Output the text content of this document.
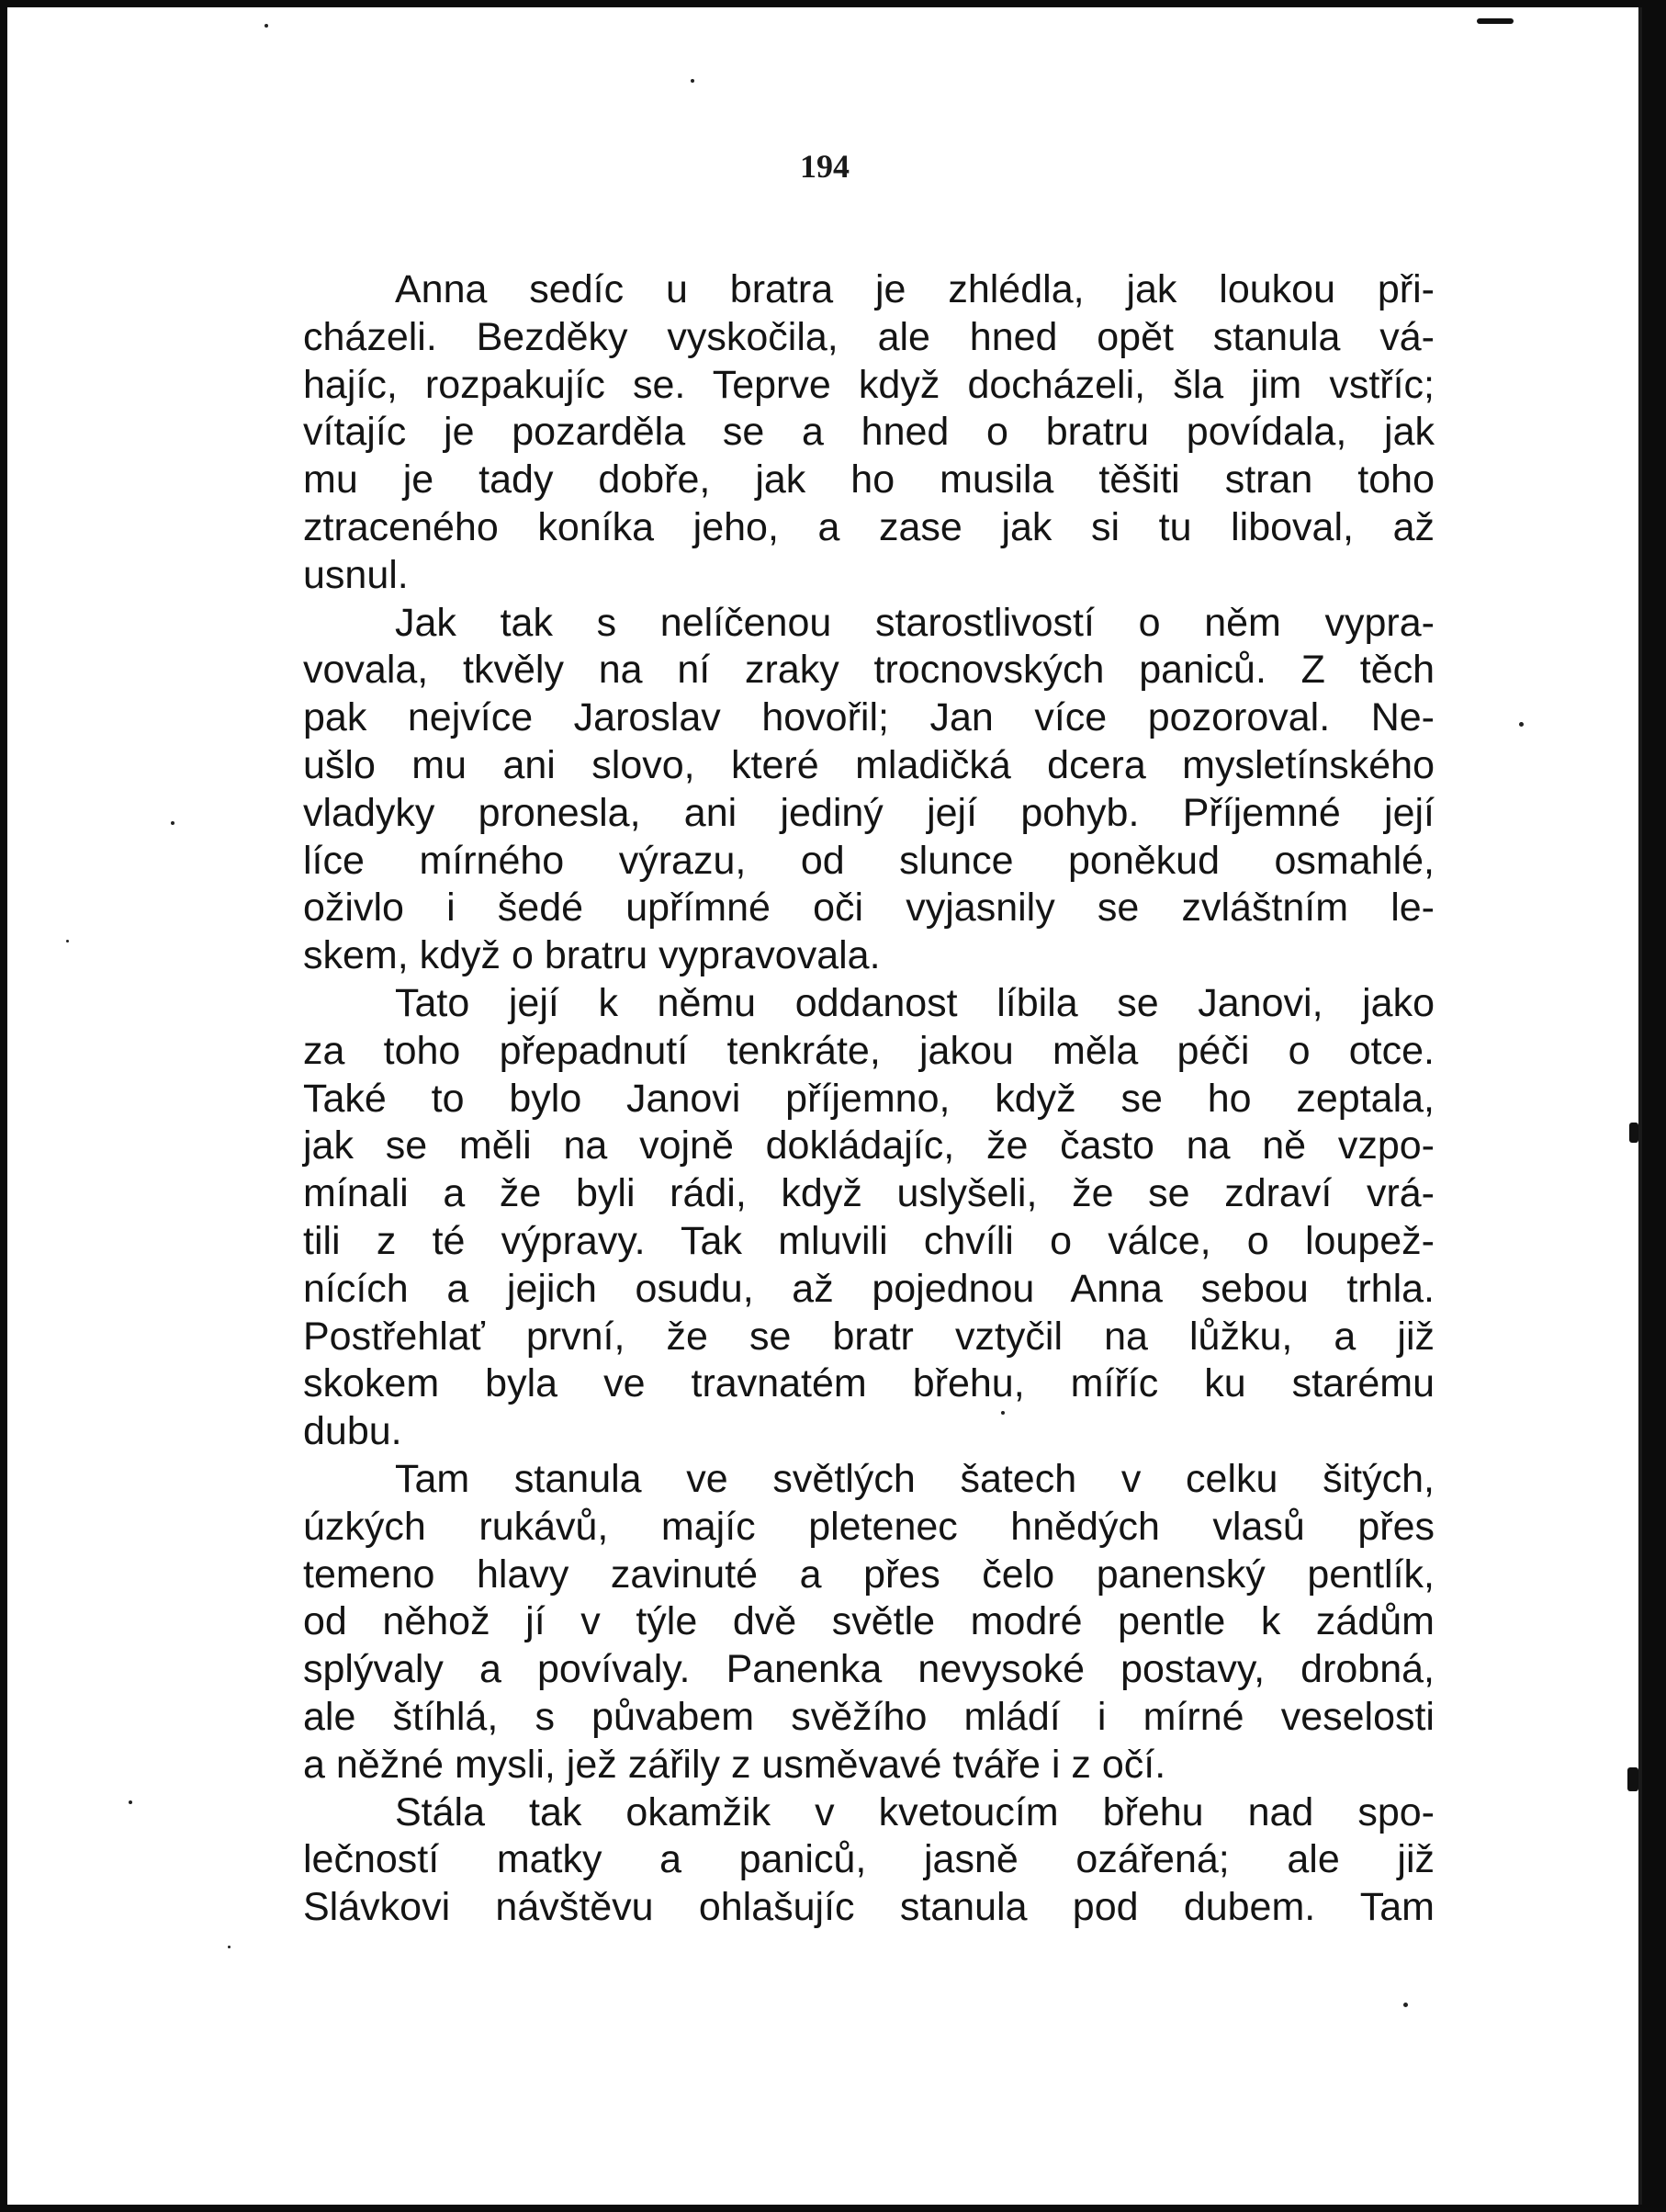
194
Anna sedíc u bratra je zhlédla, jak loukou při-
cházeli. Bezděky vyskočila, ale hned opět stanula vá-
hajíc, rozpakujíc se. Teprve když docházeli, šla jim vstříc;
vítajíc je pozarděla se a hned o bratru povídala, jak
mu je tady dobře, jak ho musila těšiti stran toho
ztraceného koníka jeho, a zase jak si tu liboval, až
usnul.
Jak tak s nelíčenou starostlivostí o něm vypra-
vovala, tkvěly na ní zraky trocnovských paniců. Z těch
pak nejvíce Jaroslav hovořil; Jan více pozoroval. Ne-
ušlo mu ani slovo, které mladičká dcera mysletínského
vladyky pronesla, ani jediný její pohyb. Příjemné její
líce mírného výrazu, od slunce poněkud osmahlé,
oživlo i šedé upřímné oči vyjasnily se zvláštním le-
skem, když o bratru vypravovala.
Tato její k němu oddanost líbila se Janovi, jako
za toho přepadnutí tenkráte, jakou měla péči o otce.
Také to bylo Janovi příjemno, když se ho zeptala,
jak se měli na vojně dokládajíc, že často na ně vzpo-
mínali a že byli rádi, když uslyšeli, že se zdraví vrá-
tili z té výpravy. Tak mluvili chvíli o válce, o loupež-
nících a jejich osudu, až pojednou Anna sebou trhla.
Postřehlať první, že se bratr vztyčil na lůžku, a již
skokem byla ve travnatém břehu, míříc ku starému
dubu.
Tam stanula ve světlých šatech v celku šitých,
úzkých rukávů, majíc pletenec hnědých vlasů přes
temeno hlavy zavinuté a přes čelo panenský pentlík,
od něhož jí v týle dvě světle modré pentle k zádům
splývaly a povívaly. Panenka nevysoké postavy, drobná,
ale štíhlá, s půvabem svěžího mládí i mírné veselosti
a něžné mysli, jež zářily z usměvavé tváře i z očí.
Stála tak okamžik v kvetoucím břehu nad spo-
lečností matky a paniců, jasně ozářená; ale již
Slávkovi návštěvu ohlašujíc stanula pod dubem. Tam
